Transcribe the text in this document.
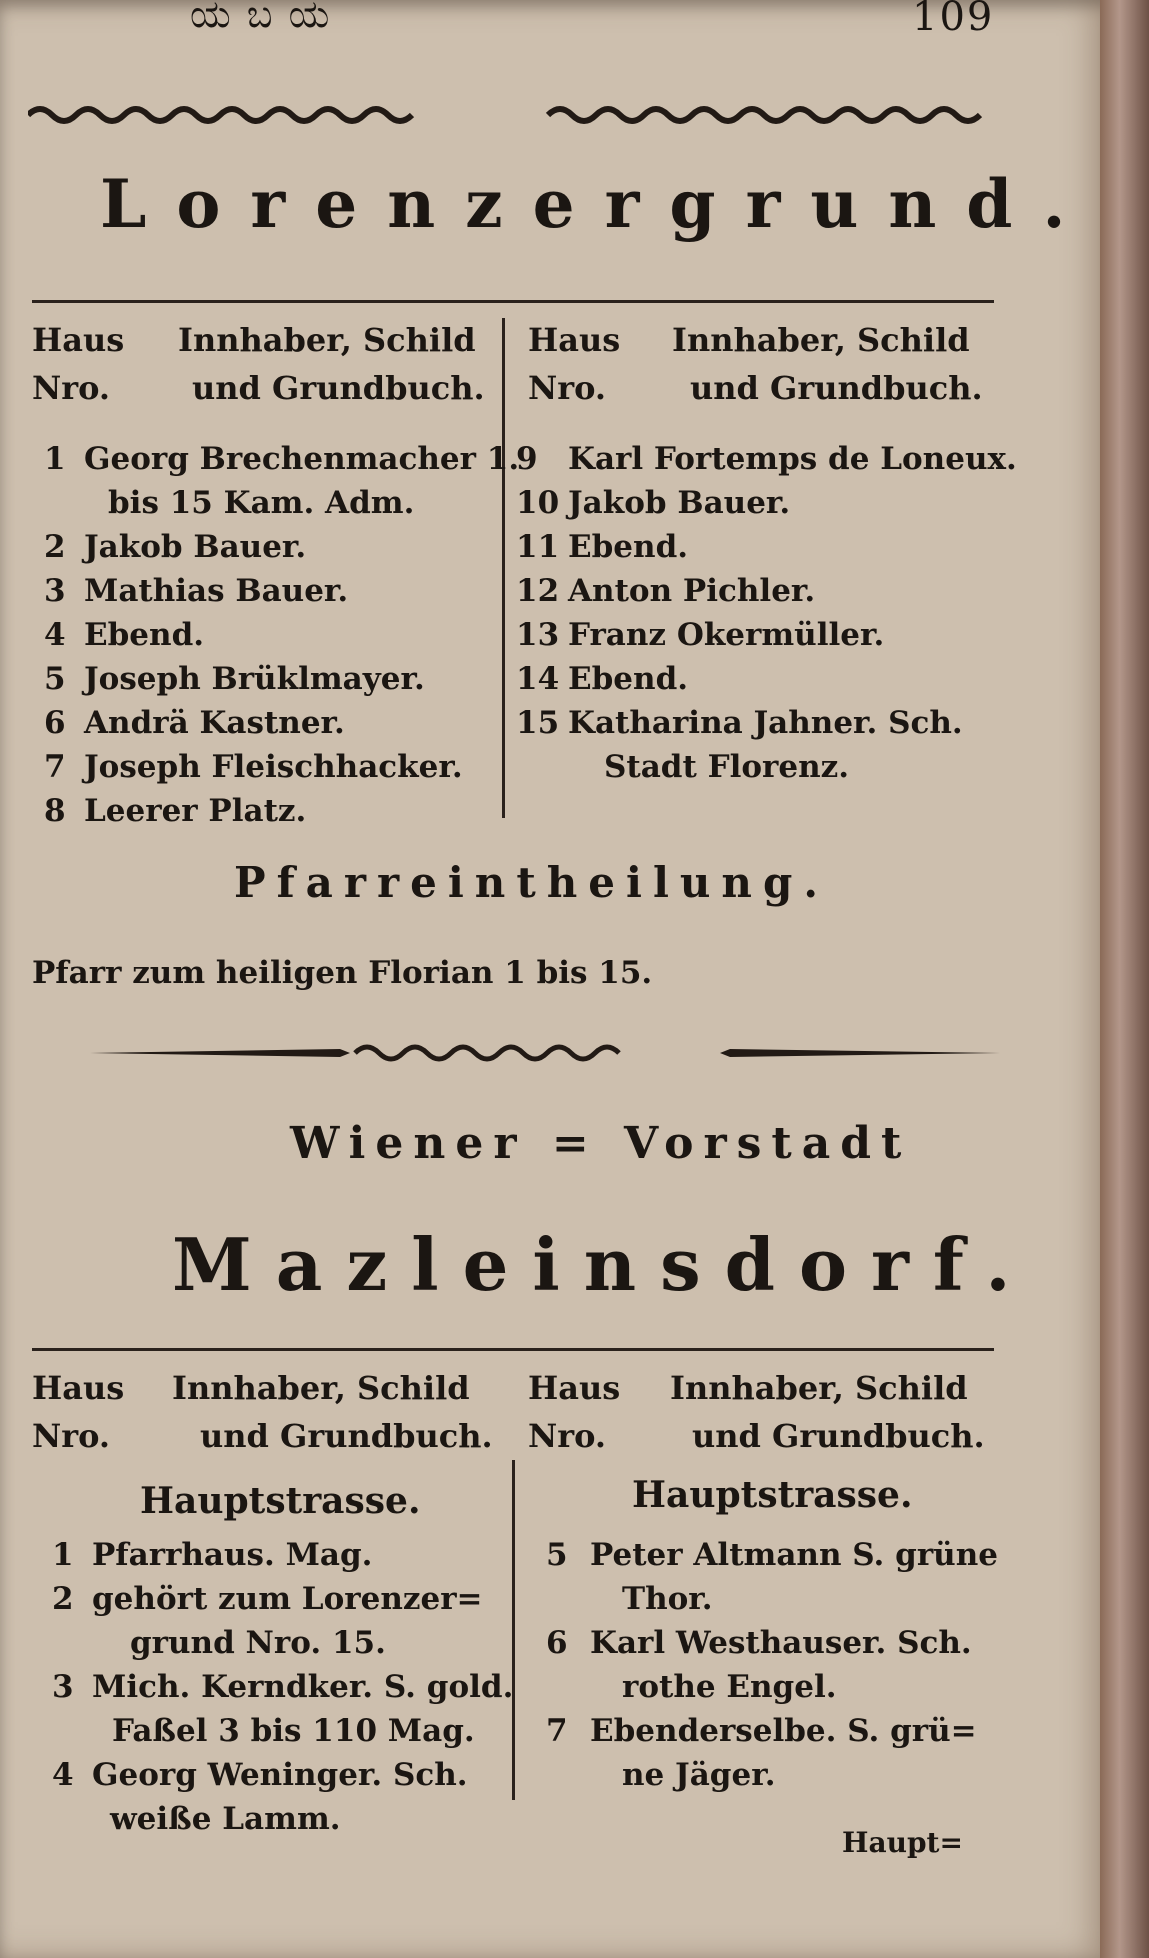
ಯ ಬ ಯ	109
Lorenzergrund.
Haus
Nro.
Innhaber, Schild
und Grundbuch.
Haus
Nro.
Innhaber, Schild
und Grundbuch.
1 Georg Brechenmacher 1.
bis 15 Kam. Adm.
2 Jakob Bauer.
3 Mathias Bauer.
4 Ebend.
5 Joseph Brüklmayer.
6 Andrä Kastner.
7 Joseph Fleischhacker.
8 Leerer Platz.
9 Karl Fortemps de Loneux.
10 Jakob Bauer.
11 Ebend.
12 Anton Pichler.
13 Franz Okermüller.
14 Ebend.
15 Katharina Jahner. Sch.
Stadt Florenz.
Pfarreintheilung.
Pfarr zum heiligen Florian 1 bis 15.
Wiener = Vorstadt
Mazleinsdorf.
Haus
Nro.
Innhaber, Schild
und Grundbuch.
Haus
Nro.
Innhaber, Schild
und Grundbuch.
Hauptstrasse.	Hauptstrasse.
1 Pfarrhaus. Mag.
2 gehört zum Lorenzer=
grund Nro. 15.
3 Mich. Kerndker. S. gold.
Faßel 3 bis 110 Mag.
4 Georg Weninger. Sch.
weiße Lamm.
5 Peter Altmann S. grüne
Thor.
6 Karl Westhauser. Sch.
rothe Engel.
7 Ebenderselbe. S. grü=
ne Jäger.
Haupt=
